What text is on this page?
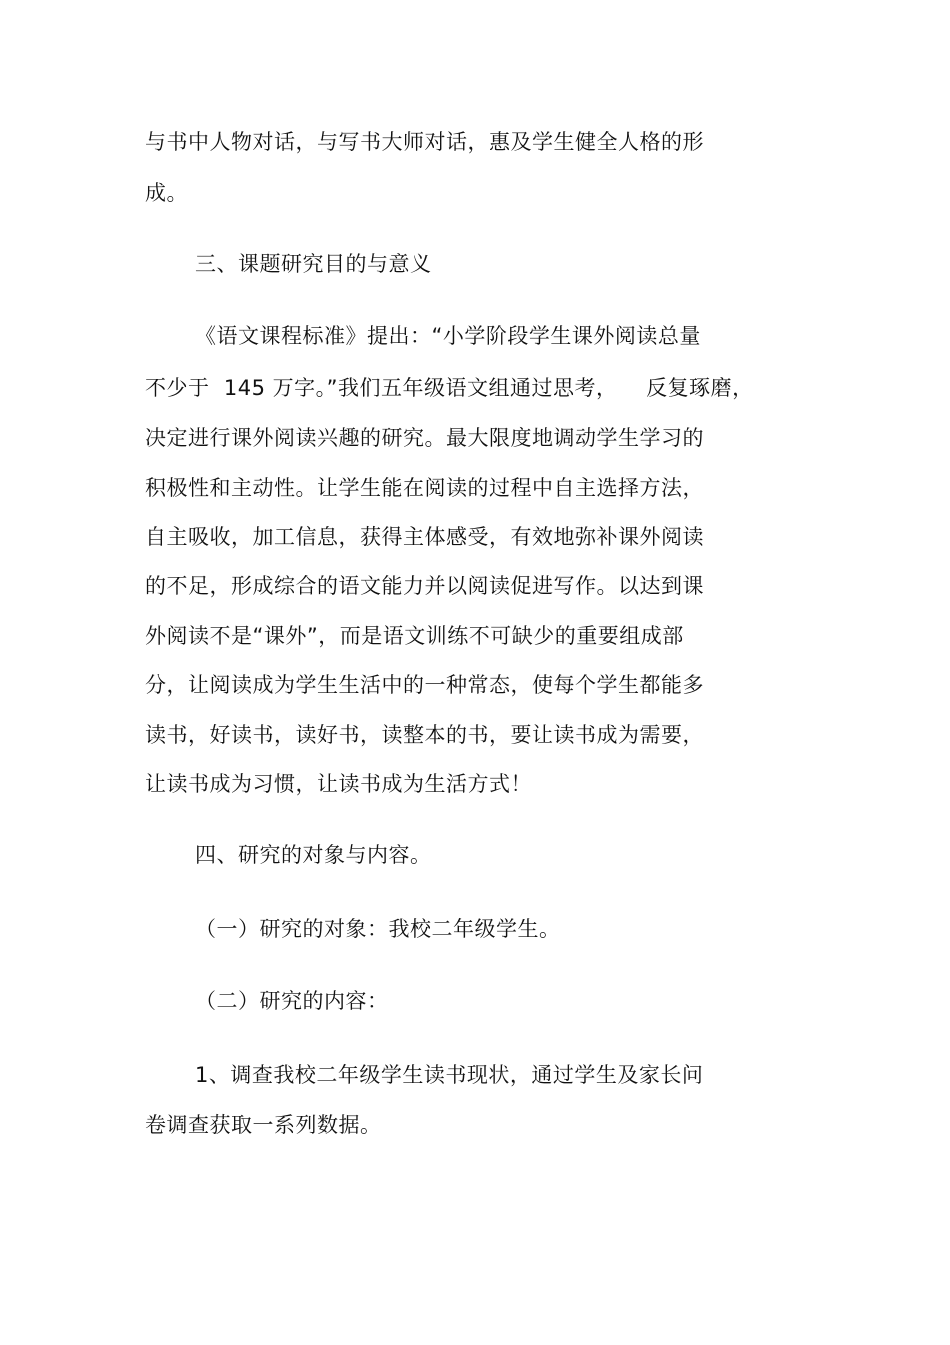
与书中人物对话，与写书大师对话，惠及学生健全人格的形
成。
三、课题研究目的与意义
《语文课程标准》提出：“小学阶段学生课外阅读总量
不少于  145 万字。”我们五年级语文组通过思考，    反复琢磨，
决定进行课外阅读兴趣的研究。最大限度地调动学生学习的
积极性和主动性。让学生能在阅读的过程中自主选择方法，
自主吸收，加工信息，获得主体感受，有效地弥补课外阅读
的不足，形成综合的语文能力并以阅读促进写作。以达到课
外阅读不是“课外”，而是语文训练不可缺少的重要组成部
分，让阅读成为学生生活中的一种常态，使每个学生都能多
读书，好读书，读好书，读整本的书，要让读书成为需要，
让读书成为习惯，让读书成为生活方式！
四、研究的对象与内容。
（一）研究的对象：我校二年级学生。
（二）研究的内容：
1、调查我校二年级学生读书现状，通过学生及家长问
卷调查获取一系列数据。
